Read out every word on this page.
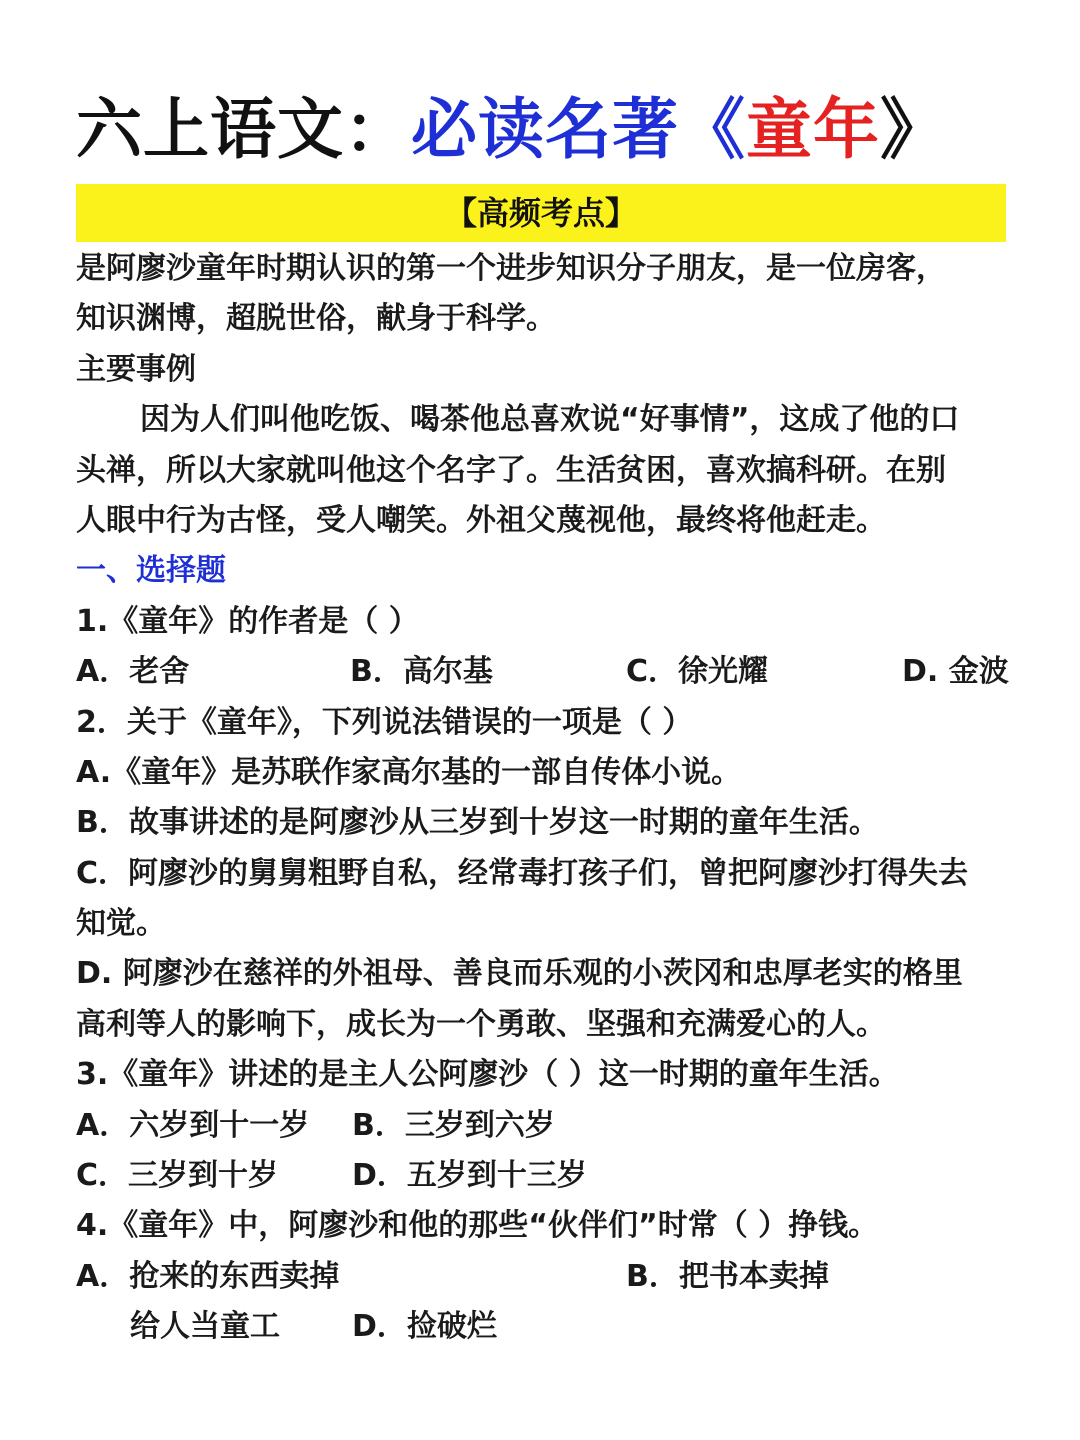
六上语文：必读名著《童年》
【高频考点】
是阿廖沙童年时期认识的第一个进步知识分子朋友，是一位房客，
知识渊博，超脱世俗，献身于科学。
主要事例
因为人们叫他吃饭、喝茶他总喜欢说“好事情”，这成了他的口
头禅，所以大家就叫他这个名字了。生活贫困，喜欢搞科研。在别
人眼中行为古怪，受人嘲笑。外祖父蔑视他，最终将他赶走。
一、选择题
1.《童年》的作者是（ ）
A．老舍	B．高尔基	C．徐光耀	D. 金波
2．关于《童年》，下列说法错误的一项是（ ）
A.《童年》是苏联作家高尔基的一部自传体小说。
B．故事讲述的是阿廖沙从三岁到十岁这一时期的童年生活。
C．阿廖沙的舅舅粗野自私，经常毒打孩子们，曾把阿廖沙打得失去
知觉。
D. 阿廖沙在慈祥的外祖母、善良而乐观的小茨冈和忠厚老实的格里
高利等人的影响下，成长为一个勇敢、坚强和充满爱心的人。
3.《童年》讲述的是主人公阿廖沙（ ）这一时期的童年生活。
A．六岁到十一岁	B．三岁到六岁
C．三岁到十岁	D．五岁到十三岁
4.《童年》中，阿廖沙和他的那些“伙伴们”时常（ ）挣钱。
A．抢来的东西卖掉	B．把书本卖掉
给人当童工	D．捡破烂
